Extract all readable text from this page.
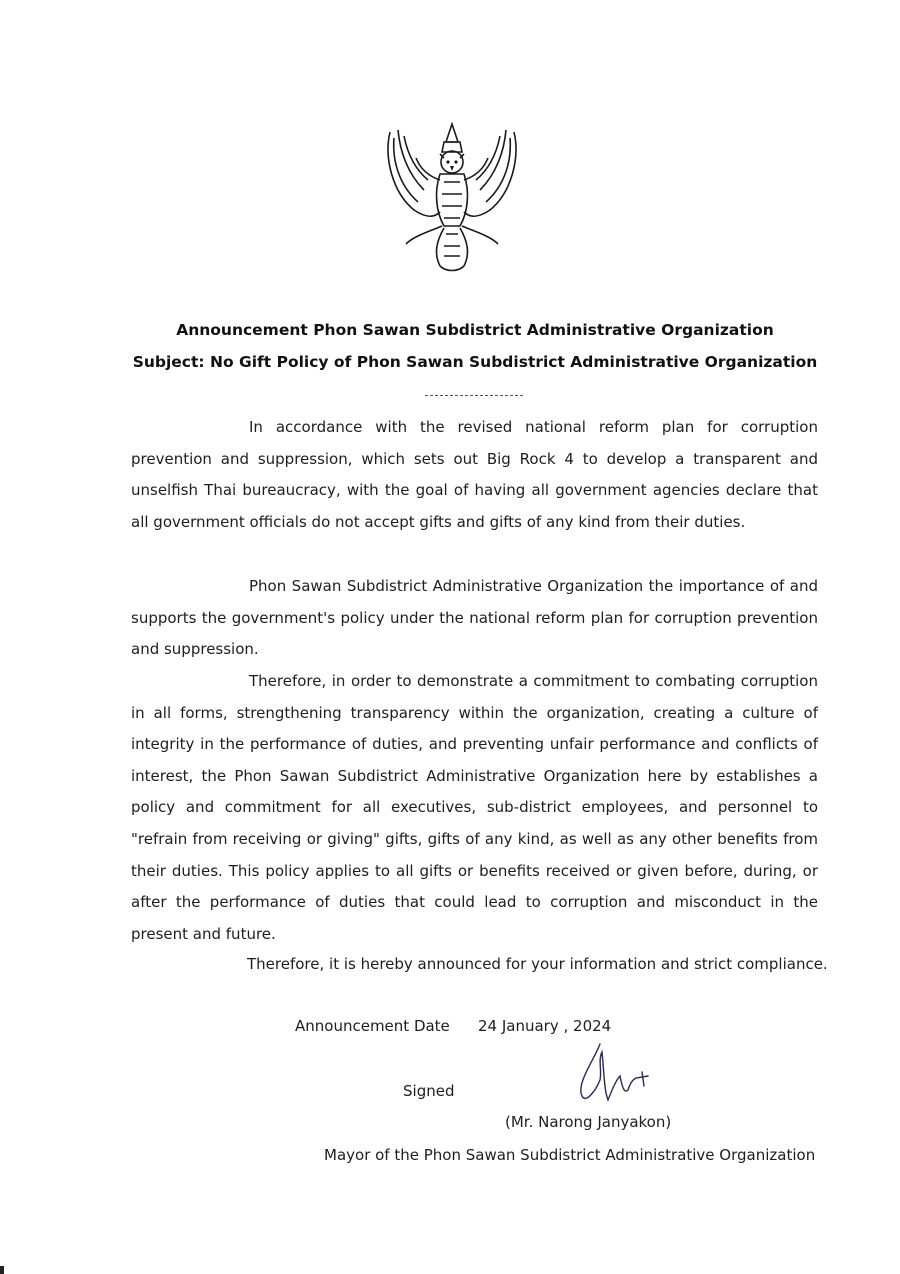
Announcement Phon Sawan Subdistrict Administrative Organization
Subject: No Gift Policy of Phon Sawan Subdistrict Administrative Organization

In accordance with the revised national reform plan for corruption prevention and suppression, which sets out Big Rock 4 to develop a transparent and unselfish Thai bureaucracy, with the goal of having all government agencies declare that all government officials do not accept gifts and gifts of any kind from their duties.

Phon Sawan Subdistrict Administrative Organization the importance of and supports the government's policy under the national reform plan for corruption prevention and suppression.

Therefore, in order to demonstrate a commitment to combating corruption in all forms, strengthening transparency within the organization, creating a culture of integrity in the performance of duties, and preventing unfair performance and conflicts of interest, the Phon Sawan Subdistrict Administrative Organization here by establishes a policy and commitment for all executives, sub-district employees, and personnel to "refrain from receiving or giving" gifts, gifts of any kind, as well as any other benefits from their duties. This policy applies to all gifts or benefits received or given before, during, or after the performance of duties that could lead to corruption and misconduct in the present and future.

Therefore, it is hereby announced for your information and strict compliance.
Announcement Date 24 January , 2024
Signed
(Mr. Narong Janyakon)
Mayor of the Phon Sawan Subdistrict Administrative Organization
